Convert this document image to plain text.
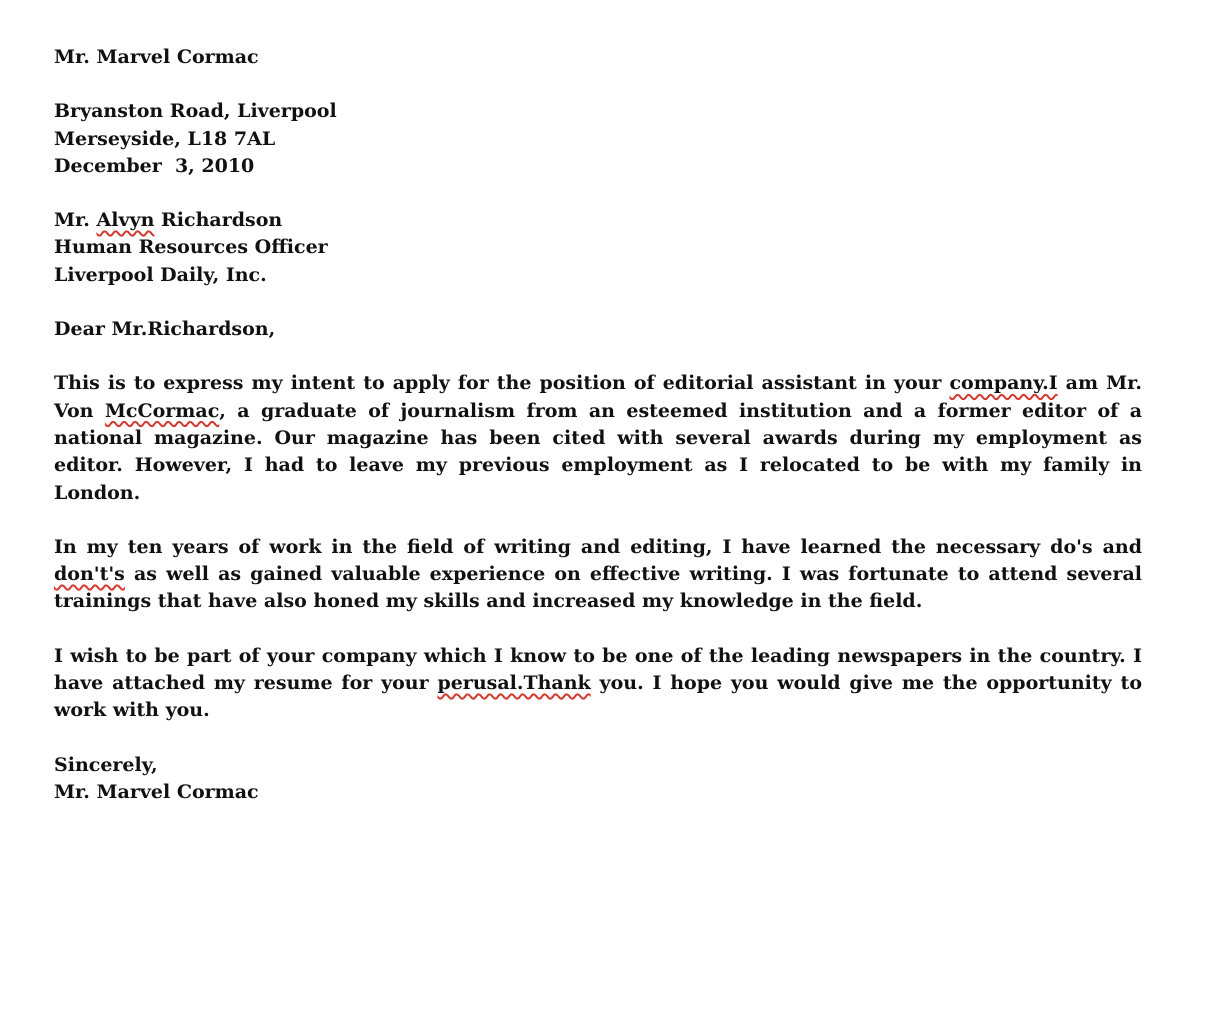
Mr. Marvel Cormac
Bryanston Road, Liverpool
Merseyside, L18 7AL
December  3, 2010
Mr. Alvyn Richardson
Human Resources Officer
Liverpool Daily, Inc.
Dear Mr.Richardson,

This is to express my intent to apply for the position of editorial assistant in your company.I am Mr. Von McCormac, a graduate of journalism from an esteemed institution and a former editor of a national magazine. Our magazine has been cited with several awards during my employment as editor. However, I had to leave my previous employment as I relocated to be with my family in London.

In my ten years of work in the field of writing and editing, I have learned the necessary do's and don't's as well as gained valuable experience on effective writing. I was fortunate to attend several trainings that have also honed my skills and increased my knowledge in the field.

I wish to be part of your company which I know to be one of the leading newspapers in the country. I have attached my resume for your perusal.Thank you. I hope you would give me the opportunity to work with you.

Sincerely,
Mr. Marvel Cormac
